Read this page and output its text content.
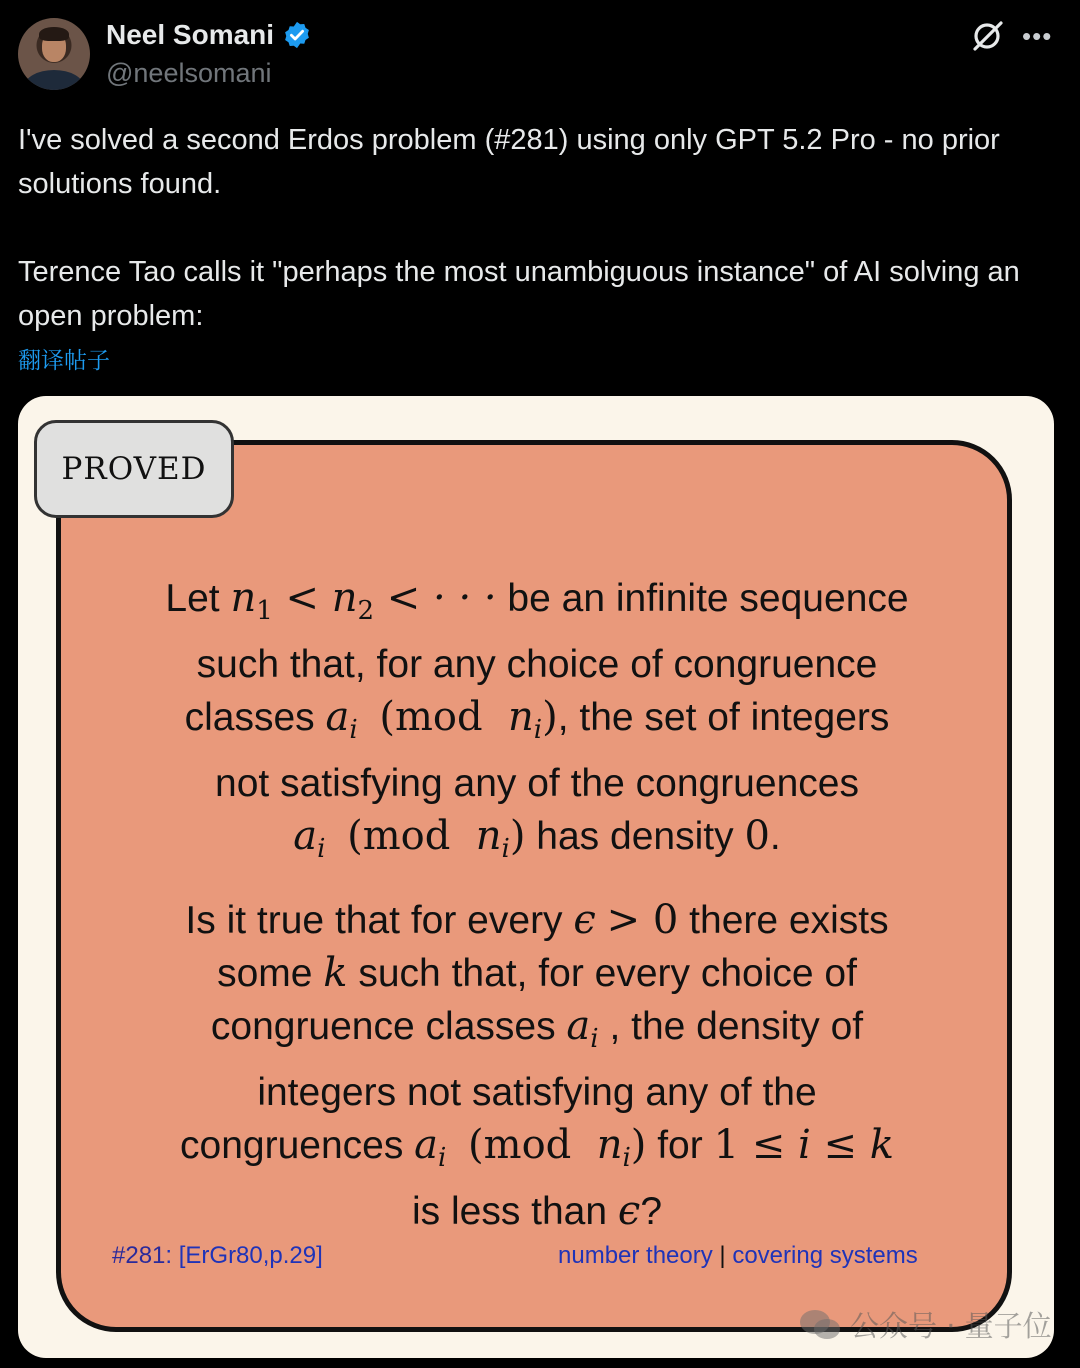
Neel Somani
@neelsomani
•••

I've solved a second Erdos problem (#281) using only GPT 5.2 Pro - no prior solutions found.

Terence Tao calls it "perhaps the most unambiguous instance" of AI solving an open problem:

翻译帖子
PROVED
Let $n_1 < n_2$ < · · · be an infinite sequence
such that, for any choice of congruence
classes $a_i$ (mod  $n_i$), the set of integers
not satisfying any of the congruences
$a_i$ (mod  $n_i$) has density 0.
Is it true that for every ϵ > 0 there exists
some k such that, for every choice of
congruence classes $a_i$ , the density of
integers not satisfying any of the
congruences $a_i$ (mod  $n_i$) for 1 ≤ i ≤ k
is less than ϵ?
#281: [ErGr80,p.29]	number theory | covering systems
公众号 · 量子位
